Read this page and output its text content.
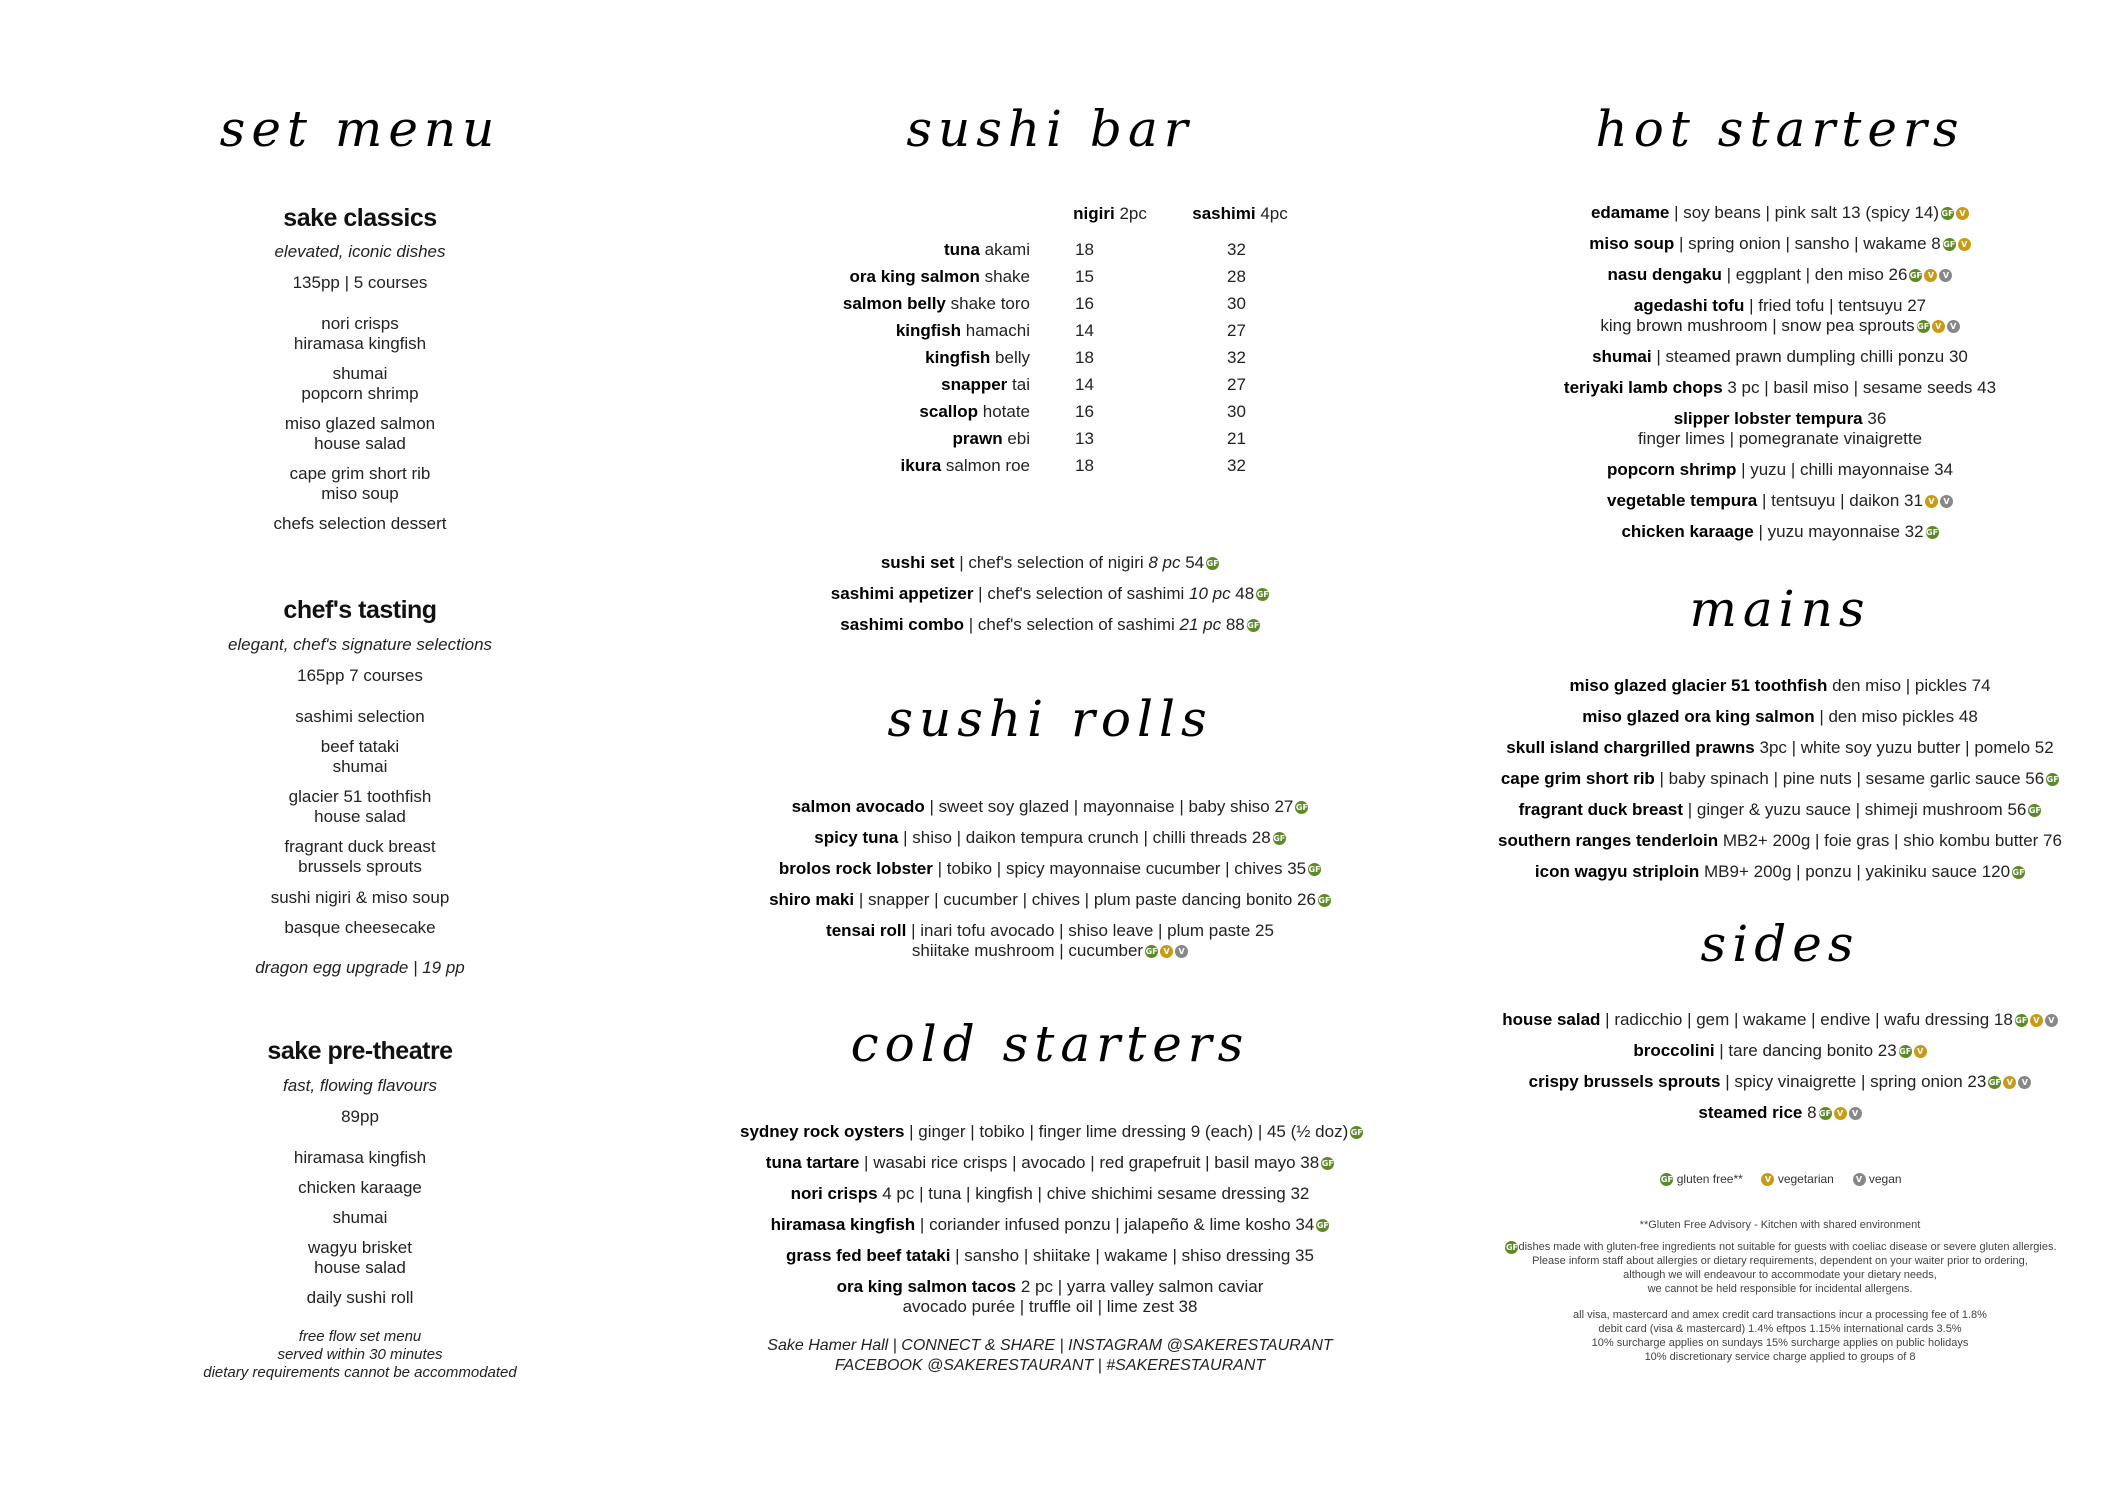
set menu
sake classics
elevated, iconic dishes
135pp | 5 courses
nori crisps
hiramasa kingfish
shumai
popcorn shrimp
miso glazed salmon
house salad
cape grim short rib
miso soup
chefs selection dessert
chef's tasting
elegant, chef's signature selections
165pp 7 courses
sashimi selection
beef tataki
shumai
glacier 51 toothfish
house salad
fragrant duck breast
brussels sprouts
sushi nigiri & miso soup
basque cheesecake
dragon egg upgrade | 19 pp
sake pre-theatre
fast, flowing flavours
89pp
hiramasa kingfish
chicken karaage
shumai
wagyu brisket
house salad
daily sushi roll
free flow set menu
served within 30 minutes
dietary requirements cannot be accommodated
sushi bar
nigiri 2pc	sashimi 4pc
tuna akami	18	32
ora king salmon shake	15	28
salmon belly shake toro	16	30
kingfish hamachi	14	27
kingfish belly	18	32
snapper tai	14	27
scallop hotate	16	30
prawn ebi	13	21
ikura salmon roe	18	32
sushi set | chef's selection of nigiri 8 pc 54 GF
sashimi appetizer | chef's selection of sashimi 10 pc 48 GF
sashimi combo | chef's selection of sashimi 21 pc 88 GF
sushi rolls
salmon avocado | sweet soy glazed | mayonnaise | baby shiso 27 GF
spicy tuna | shiso | daikon tempura crunch | chilli threads 28 GF
brolos rock lobster | tobiko | spicy mayonnaise cucumber | chives 35 GF
shiro maki | snapper | cucumber | chives | plum paste dancing bonito 26 GF
tensai roll | inari tofu avocado | shiso leave | plum paste 25
shiitake mushroom | cucumber GF V V
cold starters
sydney rock oysters | ginger | tobiko | finger lime dressing 9 (each) | 45 (½ doz) GF
tuna tartare | wasabi rice crisps | avocado | red grapefruit | basil mayo 38 GF
nori crisps 4 pc | tuna | kingfish | chive shichimi sesame dressing 32
hiramasa kingfish | coriander infused ponzu | jalapeño & lime kosho 34 GF
grass fed beef tataki | sansho | shiitake | wakame | shiso dressing 35
ora king salmon tacos 2 pc | yarra valley salmon caviar
avocado purée | truffle oil | lime zest 38
Sake Hamer Hall | CONNECT & SHARE | INSTAGRAM @SAKERESTAURANT
FACEBOOK @SAKERESTAURANT | #SAKERESTAURANT
hot starters
edamame | soy beans | pink salt 13 (spicy 14) GF V
miso soup | spring onion | sansho | wakame 8 GF V
nasu dengaku | eggplant | den miso 26 GF V V
agedashi tofu | fried tofu | tentsuyu 27
king brown mushroom | snow pea sprouts GF V V
shumai | steamed prawn dumpling chilli ponzu 30
teriyaki lamb chops 3 pc | basil miso | sesame seeds 43
slipper lobster tempura 36
finger limes | pomegranate vinaigrette
popcorn shrimp | yuzu | chilli mayonnaise 34
vegetable tempura | tentsuyu | daikon 31 V V
chicken karaage | yuzu mayonnaise 32 GF
mains
miso glazed glacier 51 toothfish den miso | pickles 74
miso glazed ora king salmon | den miso pickles 48
skull island chargrilled prawns 3pc | white soy yuzu butter | pomelo 52
cape grim short rib | baby spinach | pine nuts | sesame garlic sauce 56 GF
fragrant duck breast | ginger & yuzu sauce | shimeji mushroom 56 GF
southern ranges tenderloin MB2+ 200g | foie gras | shio kombu butter 76
icon wagyu striploin MB9+ 200g | ponzu | yakiniku sauce 120 GF
sides
house salad | radicchio | gem | wakame | endive | wafu dressing 18 GF V V
broccolini | tare dancing bonito 23 GF V
crispy brussels sprouts | spicy vinaigrette | spring onion 23 GF V V
steamed rice 8 GF V V
GF gluten free**	V vegetarian	V vegan
**Gluten Free Advisory - Kitchen with shared environment
GFdishes made with gluten-free ingredients not suitable for guests with coeliac disease or severe gluten allergies.
Please inform staff about allergies or dietary requirements, dependent on your waiter prior to ordering,
although we will endeavour to accommodate your dietary needs,
we cannot be held responsible for incidental allergens.
all visa, mastercard and amex credit card transactions incur a processing fee of 1.8%
debit card (visa & mastercard) 1.4% eftpos 1.15% international cards 3.5%
10% surcharge applies on sundays 15% surcharge applies on public holidays
10% discretionary service charge applied to groups of 8
